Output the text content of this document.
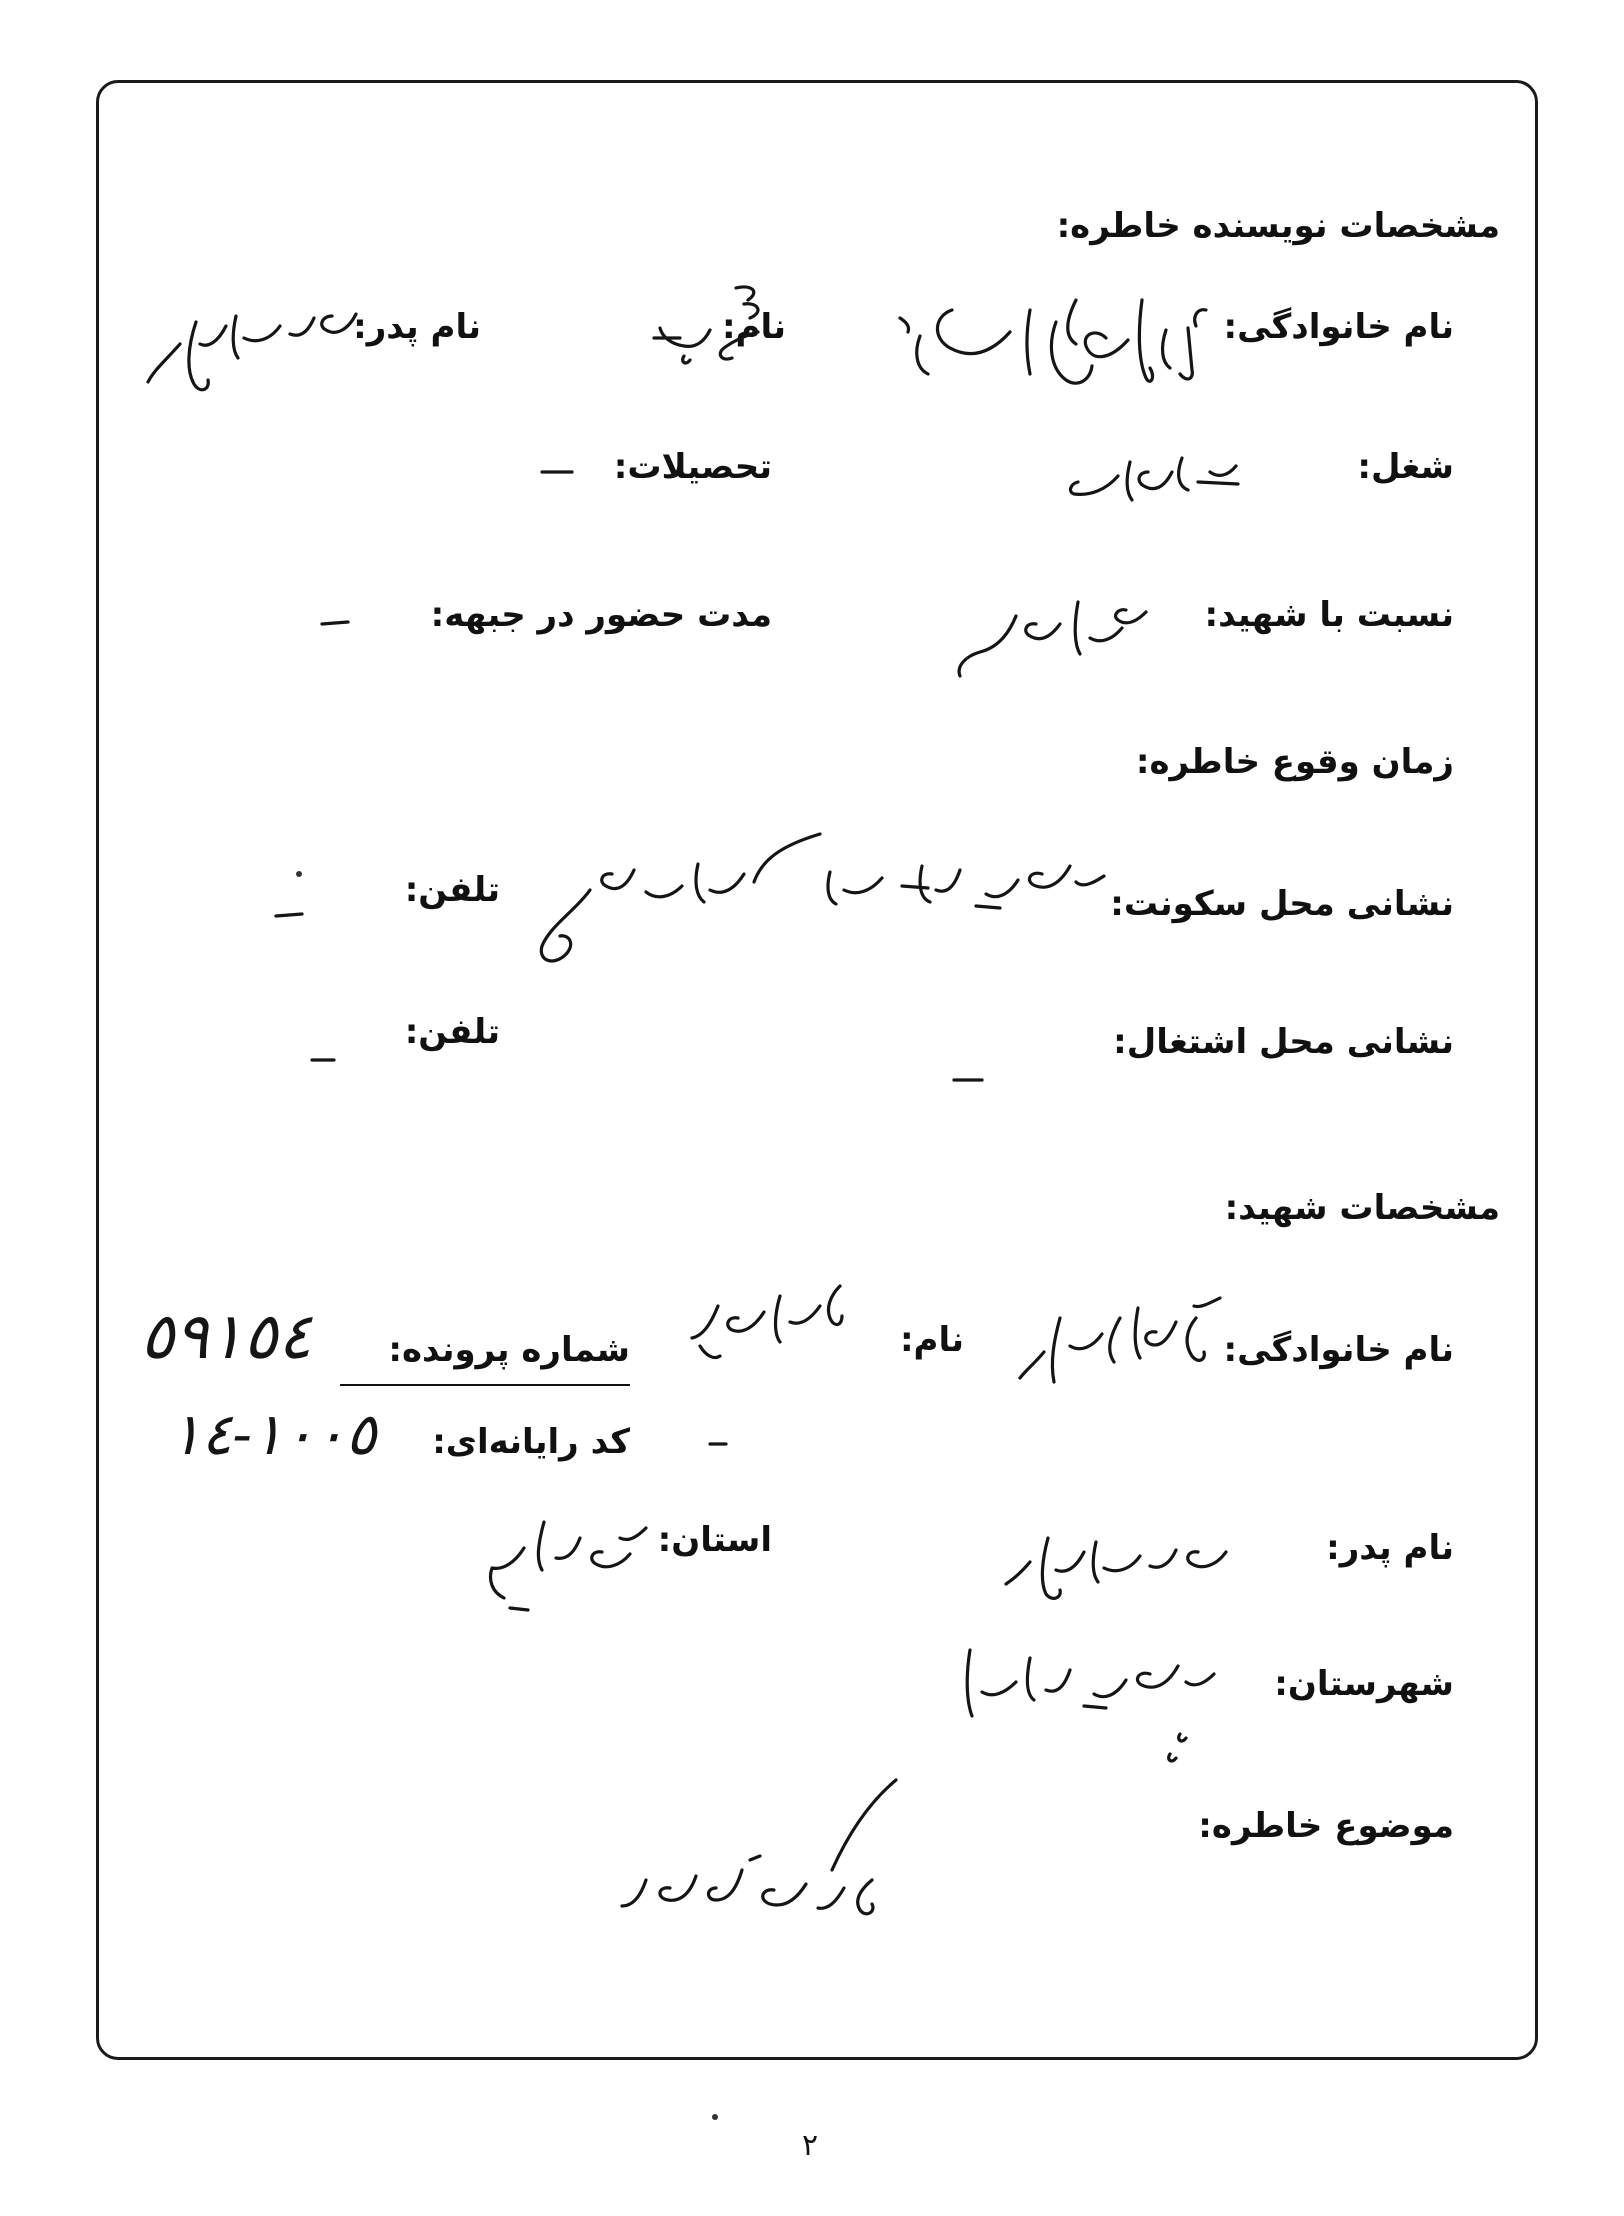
مشخصات نویسنده خاطره:
نام خانوادگی:
نام:
نام پدر:
شغل:
تحصیلات:
نسبت با شهید:
مدت حضور در جبهه:
زمان وقوع خاطره:
نشانی محل سکونت:
تلفن:
نشانی محل اشتغال:
تلفن:
مشخصات شهید:
نام خانوادگی:
نام:
شماره پرونده:
٥٩١٥٤
کد رایانه‌ای:
١٠٠٥-١٤
نام پدر:
استان:
شهرستان:
موضوع خاطره:
٢
